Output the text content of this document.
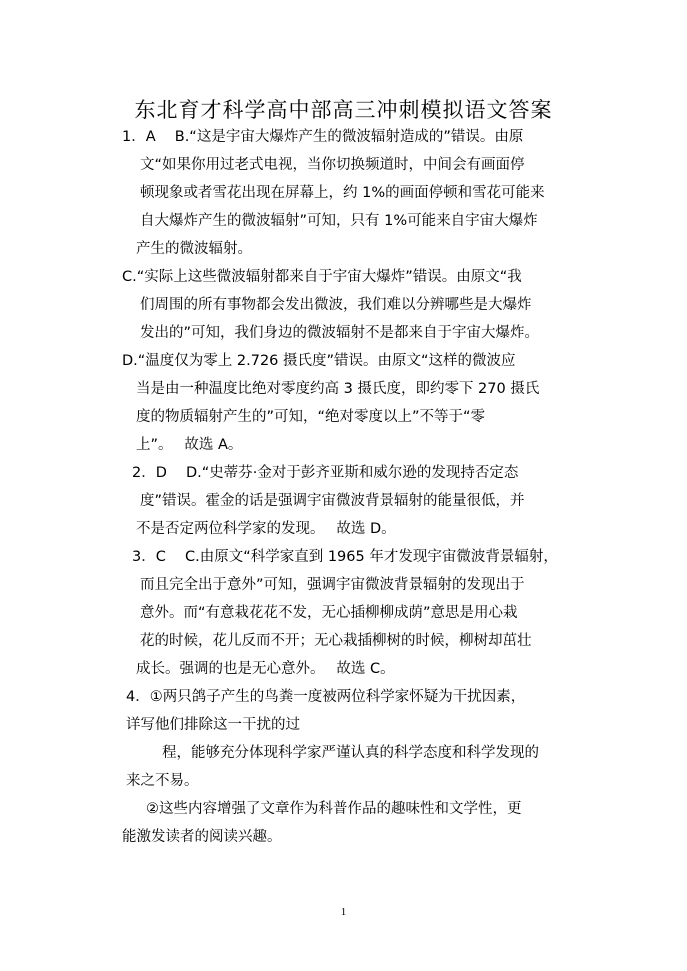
东北育才科学高中部高三冲刺模拟语文答案
1．A　 B.“这是宇宙大爆炸产生的微波辐射造成的”错误。由原
文“如果你用过老式电视，当你切换频道时，中间会有画面停
顿现象或者雪花出现在屏幕上，约 1%的画面停顿和雪花可能来
自大爆炸产生的微波辐射”可知，只有 1%可能来自宇宙大爆炸
产生的微波辐射。
C.“实际上这些微波辐射都来自于宇宙大爆炸”错误。由原文“我
们周围的所有事物都会发出微波，我们难以分辨哪些是大爆炸
发出的”可知，我们身边的微波辐射不是都来自于宇宙大爆炸。
D.“温度仅为零上 2.726 摄氏度”错误。由原文“这样的微波应
当是由一种温度比绝对零度约高 3 摄氏度，即约零下 270 摄氏
度的物质辐射产生的”可知，“绝对零度以上”不等于“零
上”。　 故选 A。
2．D　 D.“史蒂芬·金对于彭齐亚斯和威尔逊的发现持否定态
度”错误。霍金的话是强调宇宙微波背景辐射的能量很低，并
不是否定两位科学家的发现。　 故选 D。
3．C　 C.由原文“科学家直到 1965 年才发现宇宙微波背景辐射，
而且完全出于意外”可知，强调宇宙微波背景辐射的发现出于
意外。而“有意栽花花不发，无心插柳柳成荫”意思是用心栽
花的时候，花儿反而不开；无心栽插柳树的时候，柳树却茁壮
成长。强调的也是无心意外。　 故选 C。
4．①两只鸽子产生的鸟粪一度被两位科学家怀疑为干扰因素，
详写他们排除这一干扰的过
程，能够充分体现科学家严谨认真的科学态度和科学发现的
来之不易。
②这些内容增强了文章作为科普作品的趣味性和文学性，更
能激发读者的阅读兴趣。
1
